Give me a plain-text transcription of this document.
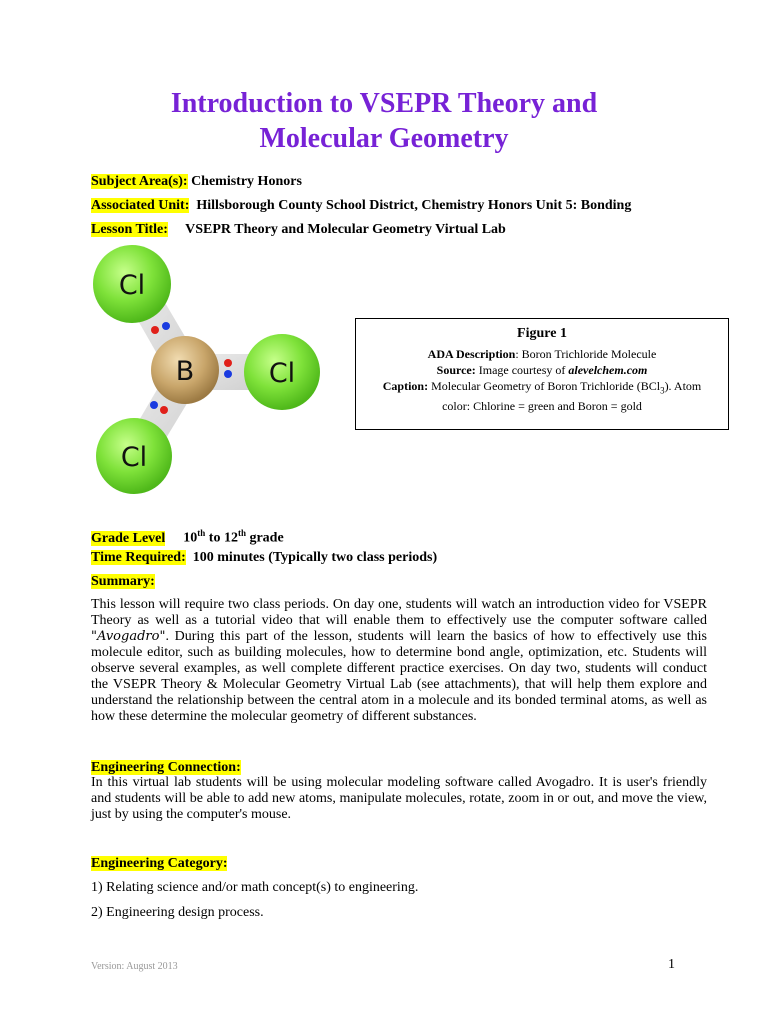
Introduction to VSEPR Theory and
Molecular Geometry
Subject Area(s): Chemistry Honors
Associated Unit:  Hillsborough County School District, Chemistry Honors Unit 5: Bonding
Lesson Title:     VSEPR Theory and Molecular Geometry Virtual Lab
Cl
Cl
Cl
B
Figure 1
ADA Description: Boron Trichloride Molecule
Source: Image courtesy of alevelchem.com
Caption: Molecular Geometry of Boron Trichloride (BCl$_3$). Atom color: Chlorine = green and Boron = gold
Grade Level 10th to 12th grade
Time Required:  100 minutes (Typically two class periods)
Summary:
This lesson will require two class periods. On day one, students will watch an introduction video for VSEPR Theory as well as a tutorial video that will enable them to effectively use the computer software called "Avogadro". During this part of the lesson, students will learn the basics of how to effectively use this molecule editor, such as building molecules, how to determine bond angle, optimization, etc. Students will observe several examples, as well complete different practice exercises. On day two, students will conduct the VSEPR Theory & Molecular Geometry Virtual Lab (see attachments), that will help them explore and understand the relationship between the central atom in a molecule and its bonded terminal atoms, as well as how these determine the molecular geometry of different substances.
Engineering Connection:
In this virtual lab students will be using molecular modeling software called Avogadro. It is user's friendly and students will be able to add new atoms, manipulate molecules, rotate, zoom in or out, and move the view, just by using the computer's mouse.
Engineering Category:
1) Relating science and/or math concept(s) to engineering.
2) Engineering design process.
Version: August 2013	1
